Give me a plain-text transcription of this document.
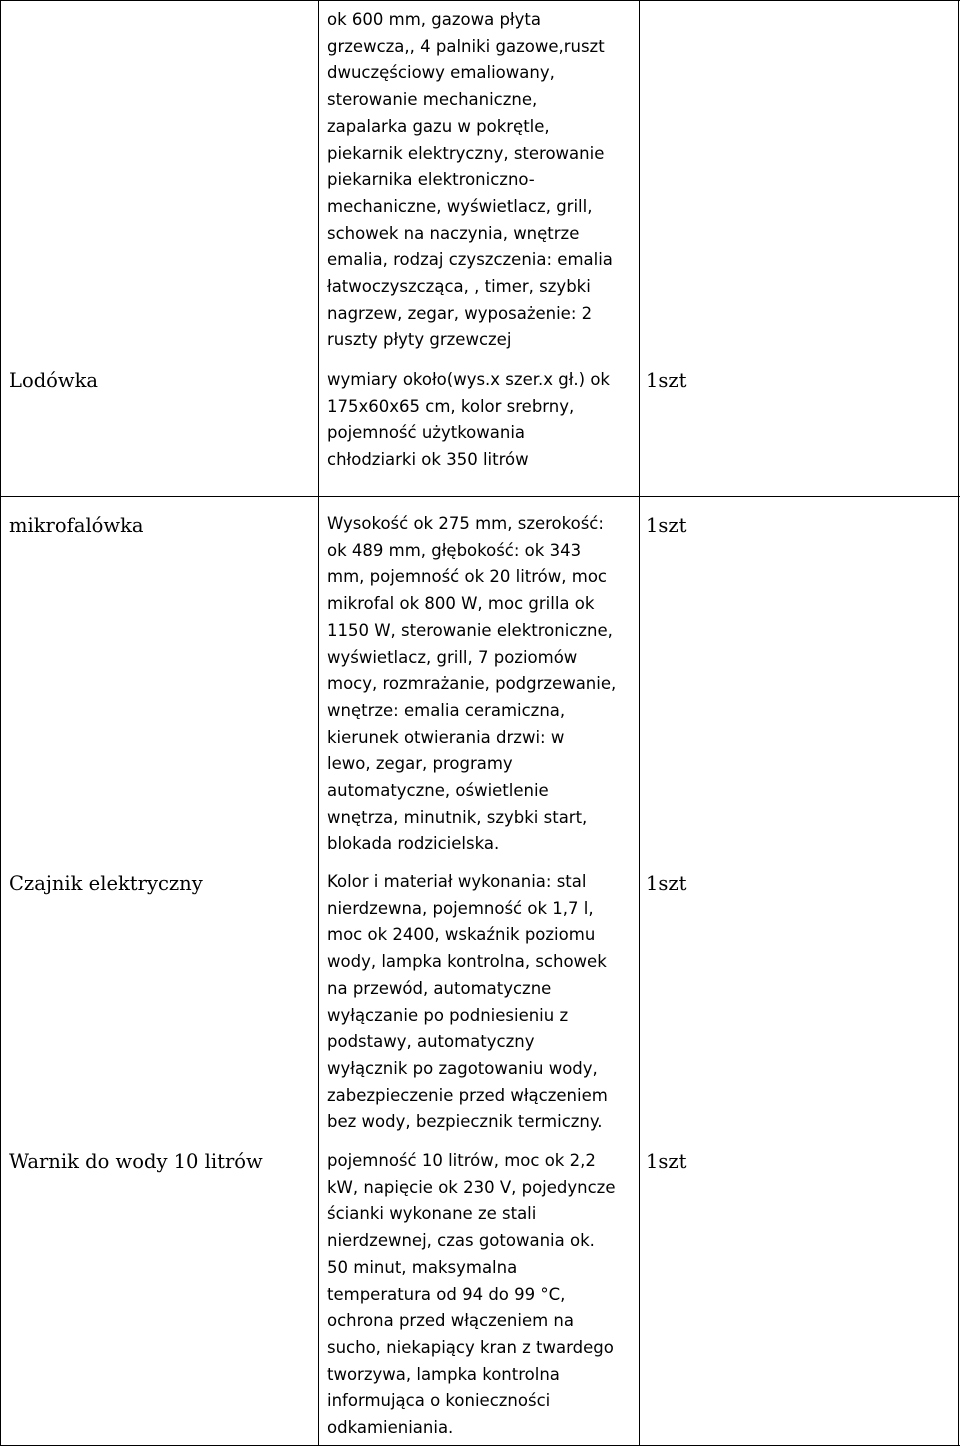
ok 600 mm, gazowa płyta
grzewcza,, 4 palniki gazowe,ruszt
dwuczęściowy emaliowany,
sterowanie mechaniczne,
zapalarka gazu w pokrętle,
piekarnik elektryczny, sterowanie
piekarnika elektroniczno-
mechaniczne, wyświetlacz, grill,
schowek na naczynia, wnętrze
emalia, rodzaj czyszczenia: emalia
łatwoczyszcząca, , timer, szybki
nagrzew, zegar, wyposażenie: 2
ruszty płyty grzewczej
Lodówka	wymiary około(wys.x szer.x gł.) ok
175x60x65 cm, kolor srebrny,
pojemność użytkowania
chłodziarki ok 350 litrów
1szt
mikrofalówka	Wysokość ok 275 mm, szerokość:
ok 489 mm, głębokość: ok 343
mm, pojemność ok 20 litrów, moc
mikrofal ok 800 W, moc grilla ok
1150 W, sterowanie elektroniczne,
wyświetlacz, grill, 7 poziomów
mocy, rozmrażanie, podgrzewanie,
wnętrze: emalia ceramiczna,
kierunek otwierania drzwi: w
lewo, zegar, programy
automatyczne, oświetlenie
wnętrza, minutnik, szybki start,
blokada rodzicielska.
1szt
Czajnik elektryczny	Kolor i materiał wykonania: stal
nierdzewna, pojemność ok 1,7 l,
moc ok 2400, wskaźnik poziomu
wody, lampka kontrolna, schowek
na przewód, automatyczne
wyłączanie po podniesieniu z
podstawy, automatyczny
wyłącznik po zagotowaniu wody,
zabezpieczenie przed włączeniem
bez wody, bezpiecznik termiczny.
1szt
Warnik do wody 10 litrów	pojemność 10 litrów, moc ok 2,2
kW, napięcie ok 230 V, pojedyncze
ścianki wykonane ze stali
nierdzewnej, czas gotowania ok.
50 minut, maksymalna
temperatura od 94 do 99 °C,
ochrona przed włączeniem na
sucho, niekapiący kran z twardego
tworzywa, lampka kontrolna
informująca o konieczności
odkamieniania.
1szt
